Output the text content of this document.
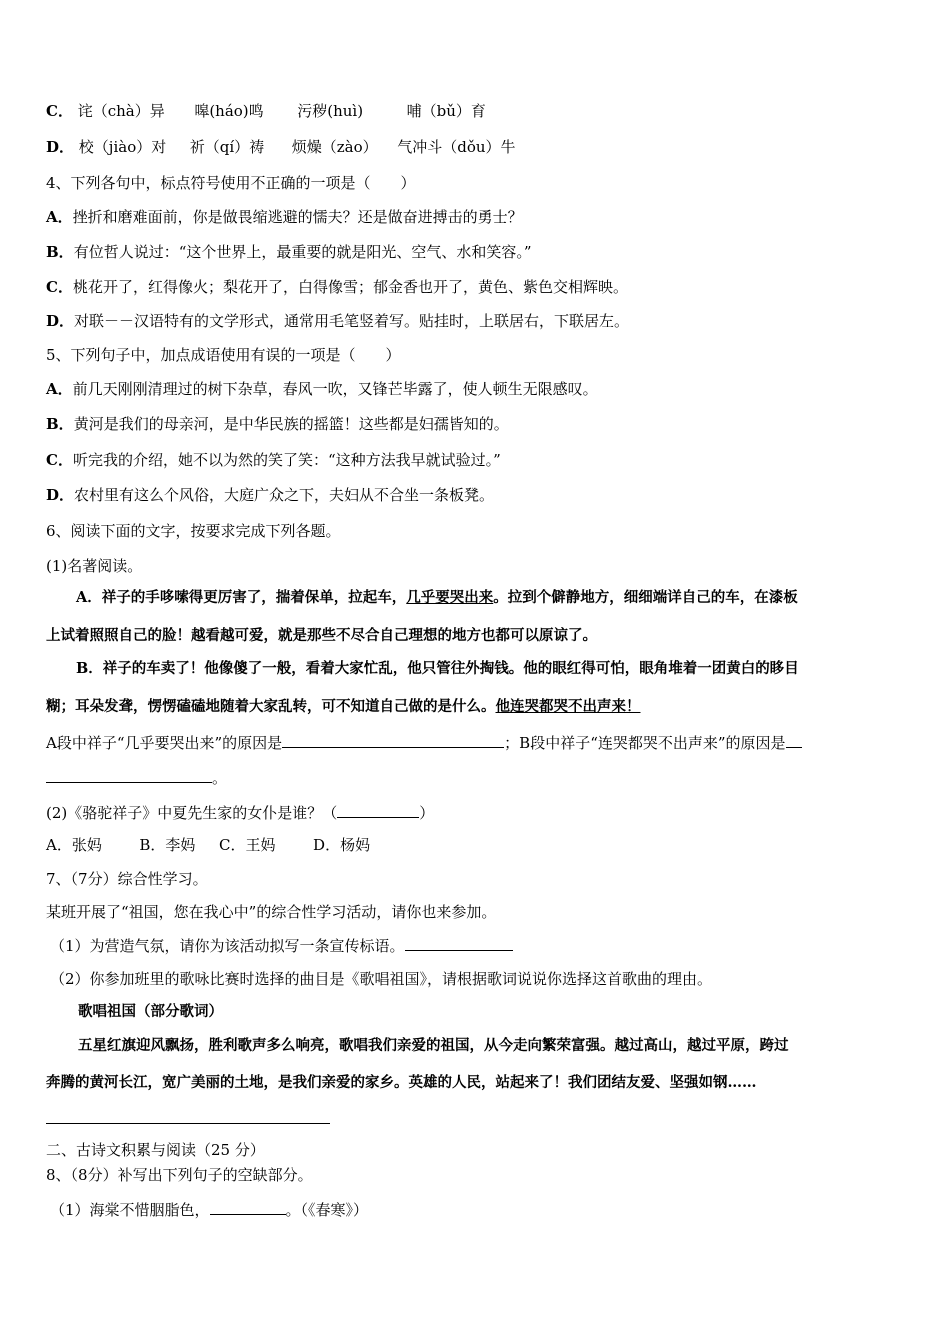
C． 诧（chà）异 嗥(háo)鸣 污秽(huì)	哺（bǔ）育
D． 校（jiào）对 祈（qí）祷 烦燥（zào） 气冲斗（dǒu）牛
4、下列各句中，标点符号使用不正确的一项是（　　）
A．挫折和磨难面前，你是做畏缩逃避的懦夫？还是做奋进搏击的勇士？
B．有位哲人说过：“这个世界上，最重要的就是阳光、空气、水和笑容。”
C．桃花开了，红得像火；梨花开了，白得像雪；郁金香也开了，黄色、紫色交相辉映。
D．对联－－汉语特有的文学形式，通常用毛笔竖着写。贴挂时，上联居右，下联居左。
5、下列句子中，加点成语使用有误的一项是（　　）
A．前几天刚刚清理过的树下杂草，春风一吹，又锋芒毕露了，使人顿生无限感叹。
B．黄河是我们的母亲河，是中华民族的摇篮！这些都是妇孺皆知的。
C．听完我的介绍，她不以为然的笑了笑：“这种方法我早就试验过。”
D．农村里有这么个风俗，大庭广众之下，夫妇从不合坐一条板凳。
6、阅读下面的文字，按要求完成下列各题。
(1)名著阅读。
A．祥子的手哆嗦得更厉害了，揣着保单，拉起车，几乎要哭出来。拉到个僻静地方，细细端详自己的车，在漆板
上试着照照自己的脸！越看越可爱，就是那些不尽合自己理想的地方也都可以原谅了。
B．祥子的车卖了！他像傻了一般，看着大家忙乱，他只管往外掏钱。他的眼红得可怕，眼角堆着一团黄白的眵目
糊；耳朵发聋，愣愣磕磕地随着大家乱转，可不知道自己做的是什么。他连哭都哭不出声来！
A段中祥子“几乎要哭出来”的原因是	；B段中祥子“连哭都哭不出声来”的原因是
。
(2)《骆驼祥子》中夏先生家的女仆是谁？（	）
A．张妈	B．李妈 C．王妈	D．杨妈
7、（7分）综合性学习。
某班开展了“祖国，您在我心中”的综合性学习活动，请你也来参加。
（1）为营造气氛，请你为该活动拟写一条宣传标语。
（2）你参加班里的歌咏比赛时选择的曲目是《歌唱祖国》，请根据歌词说说你选择这首歌曲的理由。
歌唱祖国（部分歌词）
五星红旗迎风飘扬，胜利歌声多么响亮，歌唱我们亲爱的祖国，从今走向繁荣富强。越过高山，越过平原，跨过
奔腾的黄河长江，宽广美丽的土地，是我们亲爱的家乡。英雄的人民，站起来了！我们团结友爱、坚强如钢……
二、古诗文积累与阅读（25 分）
8、（8分）补写出下列句子的空缺部分。
（1）海棠不惜胭脂色，	。（《春寒》）
